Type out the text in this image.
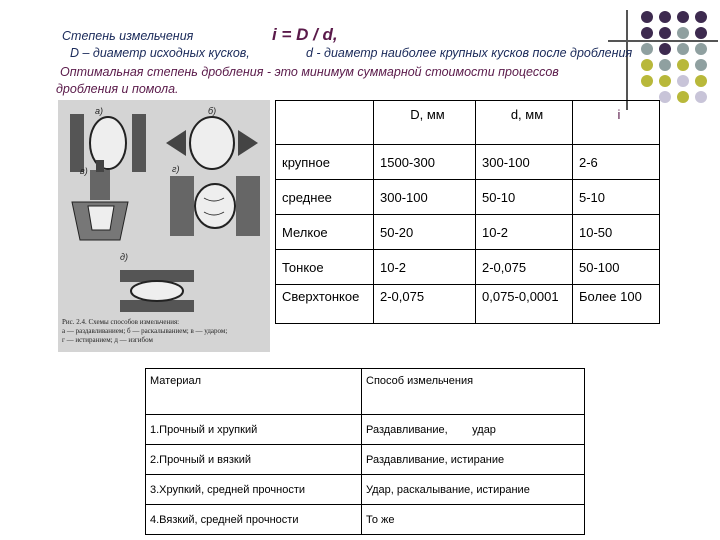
Степень измельчения	i = D / d,
D – диаметр исходных кусков,	d - диаметр наиболее крупных кусков после дробления
Оптимальная степень дробления - это минимум суммарной стоимости процессов
дробления и помола.
а)	б)
в)	г)
д)
Рис. 2.4. Схемы способов измельчения:
а — раздавливанием; б — раскалыванием; в — ударом;
г — истиранием; д — изгибом
	D, мм	d, мм	i
крупное	1500-300	300-100	2-6
среднее	300-100	50-10	5-10
Мелкое	50-20	10-2	10-50
Тонкое	10-2	2-0,075	50-100
Сверхтонкое	2-0,075	0,075-0,0001	Более 100
Материал	Способ измельчения
1.Прочный и хрупкий	Раздавливание,        удар
2.Прочный и вязкий	Раздавливание, истирание
3.Хрупкий, средней прочности	Удар, раскалывание, истирание
4.Вязкий, средней прочности	То же
